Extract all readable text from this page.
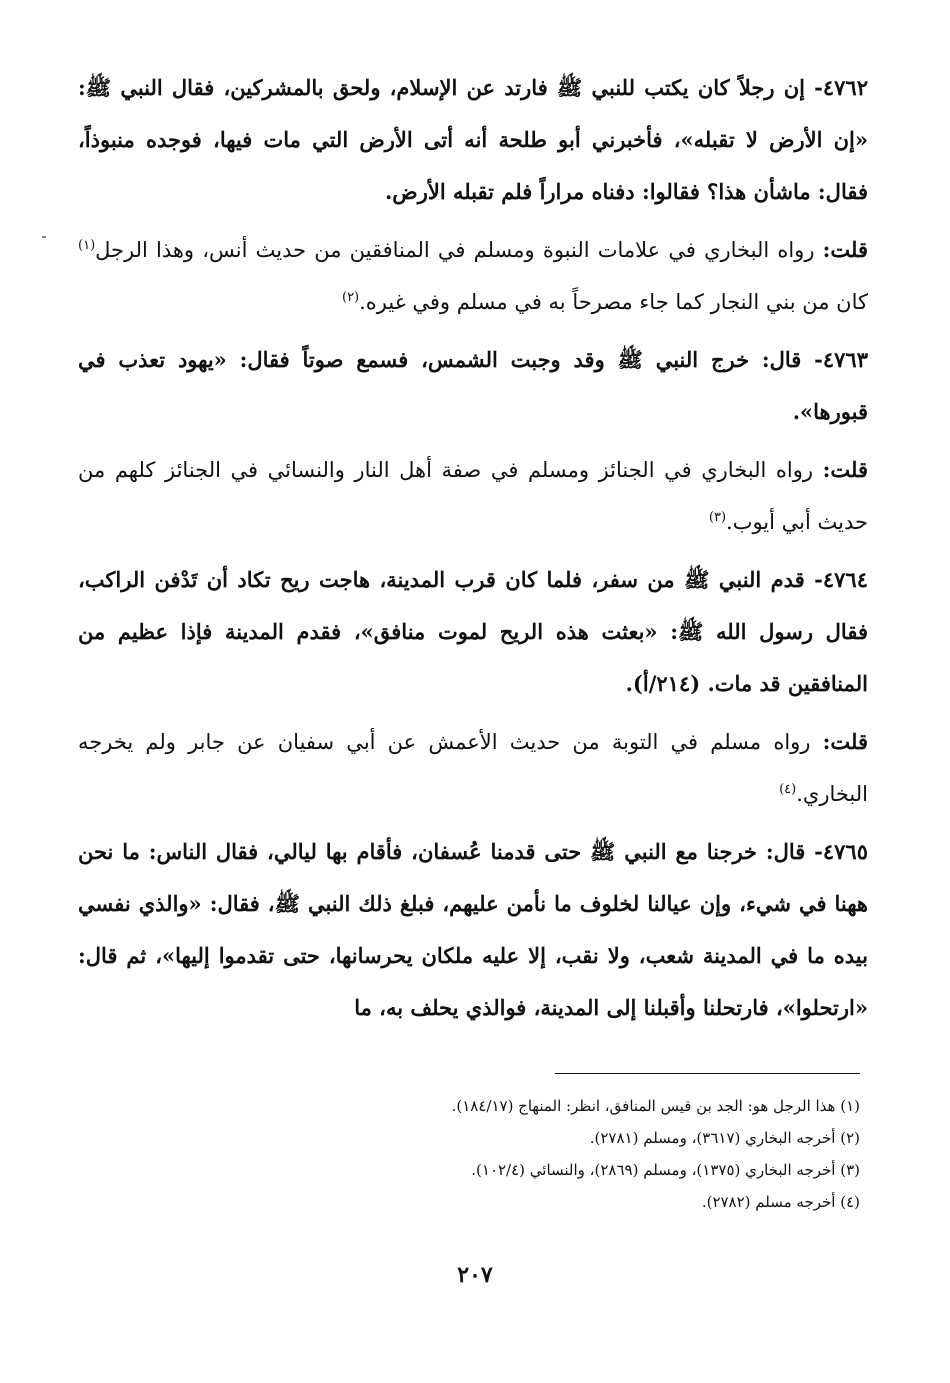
٤٧٦٢- إن رجلاً كان يكتب للنبي ﷺ فارتد عن الإسلام، ولحق بالمشركين، فقال النبي ﷺ: «إن الأرض لا تقبله»، فأخبرني أبو طلحة أنه أتى الأرض التي مات فيها، فوجده منبوذاً، فقال: ماشأن هذا؟ فقالوا: دفناه مراراً فلم تقبله الأرض.

قلت: رواه البخاري في علامات النبوة ومسلم في المنافقين من حديث أنس، وهذا الرجل$^{(١)}$ كان من بني النجار كما جاء مصرحاً به في مسلم وفي غيره.$^{(٢)}$

٤٧٦٣- قال: خرج النبي ﷺ وقد وجبت الشمس، فسمع صوتاً فقال: «يهود تعذب في قبورها».

قلت: رواه البخاري في الجنائز ومسلم في صفة أهل النار والنسائي في الجنائز كلهم من حديث أبي أيوب.$^{(٣)}$

٤٧٦٤- قدم النبي ﷺ من سفر، فلما كان قرب المدينة، هاجت ريح تكاد أن تَدْفن الراكب، فقال رسول الله ﷺ: «بعثت هذه الريح لموت منافق»، فقدم المدينة فإذا عظيم من المنافقين قد مات. (٢١٤/أ).

قلت: رواه مسلم في التوبة من حديث الأعمش عن أبي سفيان عن جابر ولم يخرجه البخاري.$^{(٤)}$

٤٧٦٥- قال: خرجنا مع النبي ﷺ حتى قدمنا عُسفان، فأقام بها ليالي، فقال الناس: ما نحن ههنا في شيء، وإن عيالنا لخلوف ما نأمن عليهم، فبلغ ذلك النبي ﷺ، فقال: «والذي نفسي بيده ما في المدينة شعب، ولا نقب، إلا عليه ملكان يحرسانها، حتى تقدموا إليها»، ثم قال: «ارتحلوا»، فارتحلنا وأقبلنا إلى المدينة، فوالذي يحلف به، ما

(١) هذا الرجل هو: الجد بن قيس المنافق، انظر: المنهاج (١٨٤/١٧).

(٢) أخرجه البخاري (٣٦١٧)، ومسلم (٢٧٨١).

(٣) أخرجه البخاري (١٣٧٥)، ومسلم (٢٨٦٩)، والنسائي (١٠٢/٤).

(٤) أخرجه مسلم (٢٧٨٢).

٢٠٧
